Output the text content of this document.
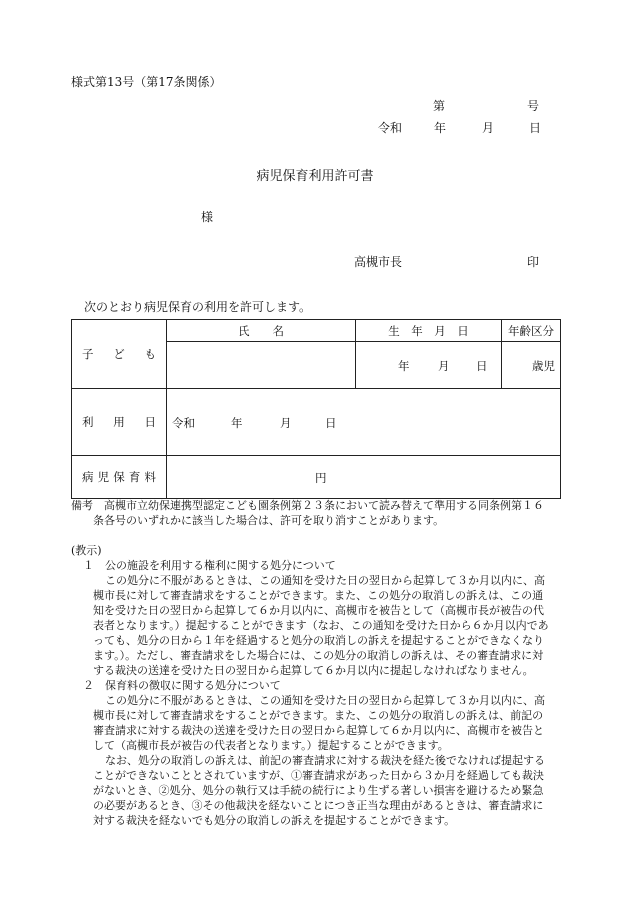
様式第13号（第17条関係）
第	号
令和	年	月	日
病児保育利用許可書
様
高槻市長	印
次のとおり病児保育の利用を許可します。
子　ど　も	氏　　名	生　年　月　日	年齢区分

		年 月 日	歳児

利　用　日	令和 年 月 日		

病 児 保 育 料	円		

備考　 高槻市立幼保連携型認定こども園条例第２３条において読み替えて準用する同条例第１６

条各号のいずれかに該当した場合は、許可を取り消すことがあります。

(教示)

１　公の施設を利用する権利に関する処分について

この処分に不服があるときは、この通知を受けた日の翌日から起算して３か月以内に、高

槻市長に対して審査請求をすることができます。また、この処分の取消しの訴えは、この通

知を受けた日の翌日から起算して６か月以内に、高槻市を被告として（高槻市長が被告の代

表者となります。）提起することができます（なお、この通知を受けた日から６か月以内であ

っても、処分の日から１年を経過すると処分の取消しの訴えを提起することができなくなり

ます。）。ただし、審査請求をした場合には、この処分の取消しの訴えは、その審査請求に対

する裁決の送達を受けた日の翌日から起算して６か月以内に提起しなければなりません。

２　保育料の徴収に関する処分について

この処分に不服があるときは、この通知を受けた日の翌日から起算して３か月以内に、高

槻市長に対して審査請求をすることができます。また、この処分の取消しの訴えは、前記の

審査請求に対する裁決の送達を受けた日の翌日から起算して６か月以内に、高槻市を被告と

して（高槻市長が被告の代表者となります。）提起することができます。

なお、処分の取消しの訴えは、前記の審査請求に対する裁決を経た後でなければ提起する

ことができないこととされていますが、①審査請求があった日から３か月を経過しても裁決

がないとき、②処分、処分の執行又は手続の続行により生ずる著しい損害を避けるため緊急

の必要があるとき、③その他裁決を経ないことにつき正当な理由があるときは、審査請求に

対する裁決を経ないでも処分の取消しの訴えを提起することができます。
